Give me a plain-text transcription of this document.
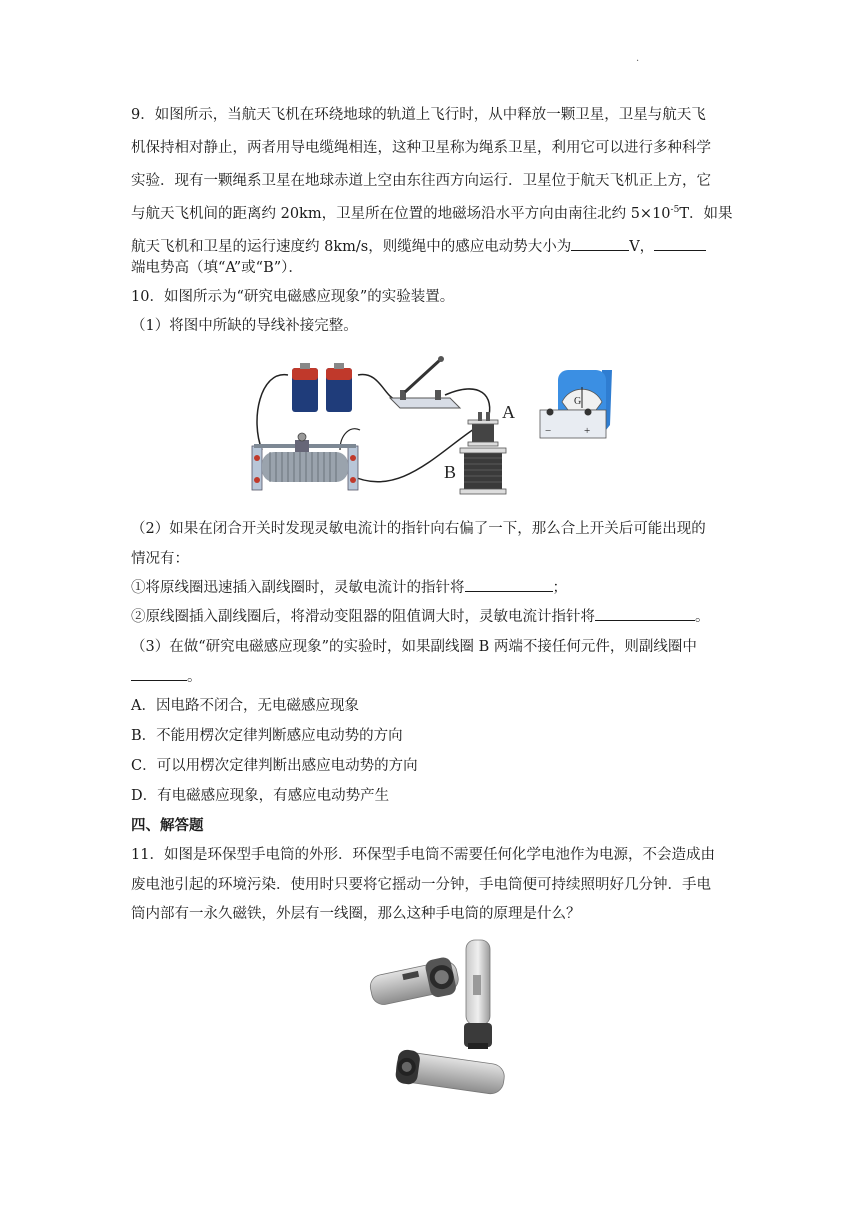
·

9．如图所示，当航天飞机在环绕地球的轨道上飞行时，从中释放一颗卫星，卫星与航天飞

机保持相对静止，两者用导电缆绳相连，这种卫星称为绳系卫星，利用它可以进行多种科学

实验．现有一颗绳系卫星在地球赤道上空由东往西方向运行．卫星位于航天飞机正上方，它

与航天飞机间的距离约 20km，卫星所在位置的地磁场沿水平方向由南往北约 $5\times 10^{-5}T$．如果

航天飞机和卫星的运行速度约 8km/s，则缆绳中的感应电动势大小为	V，

端电势高（填“A”或“B”）．

10．如图所示为“研究电磁感应现象”的实验装置。

（1）将图中所缺的导线补接完整。

A
B
G
−	+

（2）如果在闭合开关时发现灵敏电流计的指针向右偏了一下，那么合上开关后可能出现的

情况有：

①将原线圈迅速插入副线圈时，灵敏电流计的指针将	；

②原线圈插入副线圈后，将滑动变阻器的阻值调大时，灵敏电流计指针将	。

（3）在做“研究电磁感应现象”的实验时，如果副线圈 B 两端不接任何元件，则副线圈中

。

A．因电路不闭合，无电磁感应现象

B．不能用楞次定律判断感应电动势的方向

C．可以用楞次定律判断出感应电动势的方向

D．有电磁感应现象，有感应电动势产生

四、解答题

11．如图是环保型手电筒的外形．环保型手电筒不需要任何化学电池作为电源，不会造成由

废电池引起的环境污染．使用时只要将它摇动一分钟，手电筒便可持续照明好几分钟．手电

筒内部有一永久磁铁，外层有一线圈，那么这种手电筒的原理是什么？
